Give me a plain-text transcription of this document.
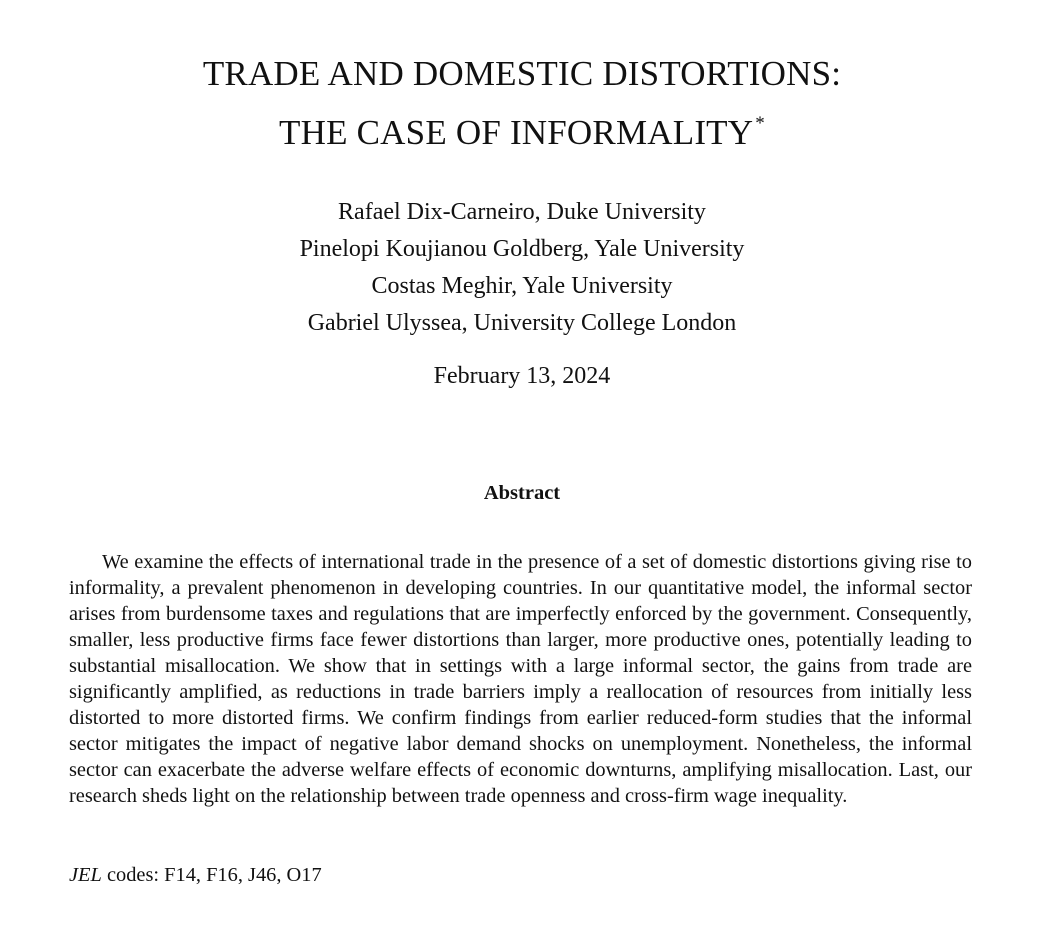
TRADE AND DOMESTIC DISTORTIONS:
THE CASE OF INFORMALITY *
Rafael Dix-Carneiro, Duke University
Pinelopi Koujianou Goldberg, Yale University
Costas Meghir, Yale University
Gabriel Ulyssea, University College London
February 13, 2024
Abstract

We examine the effects of international trade in the presence of a set of domestic distortions giving rise to informality, a prevalent phenomenon in developing countries. In our quantitative model, the informal sector arises from burdensome taxes and regulations that are imperfectly enforced by the government. Consequently, smaller, less productive firms face fewer distortions than larger, more productive ones, potentially leading to substantial misallocation. We show that in settings with a large informal sector, the gains from trade are significantly amplified, as reductions in trade barriers imply a reallocation of resources from initially less distorted to more distorted firms. We confirm findings from earlier reduced-form studies that the informal sector mitigates the impact of negative labor demand shocks on unemployment. Nonetheless, the informal sector can exacerbate the adverse welfare effects of economic downturns, amplifying misallocation. Last, our research sheds light on the relationship between trade openness and cross-firm wage inequality.

JEL codes: F14, F16, J46, O17
